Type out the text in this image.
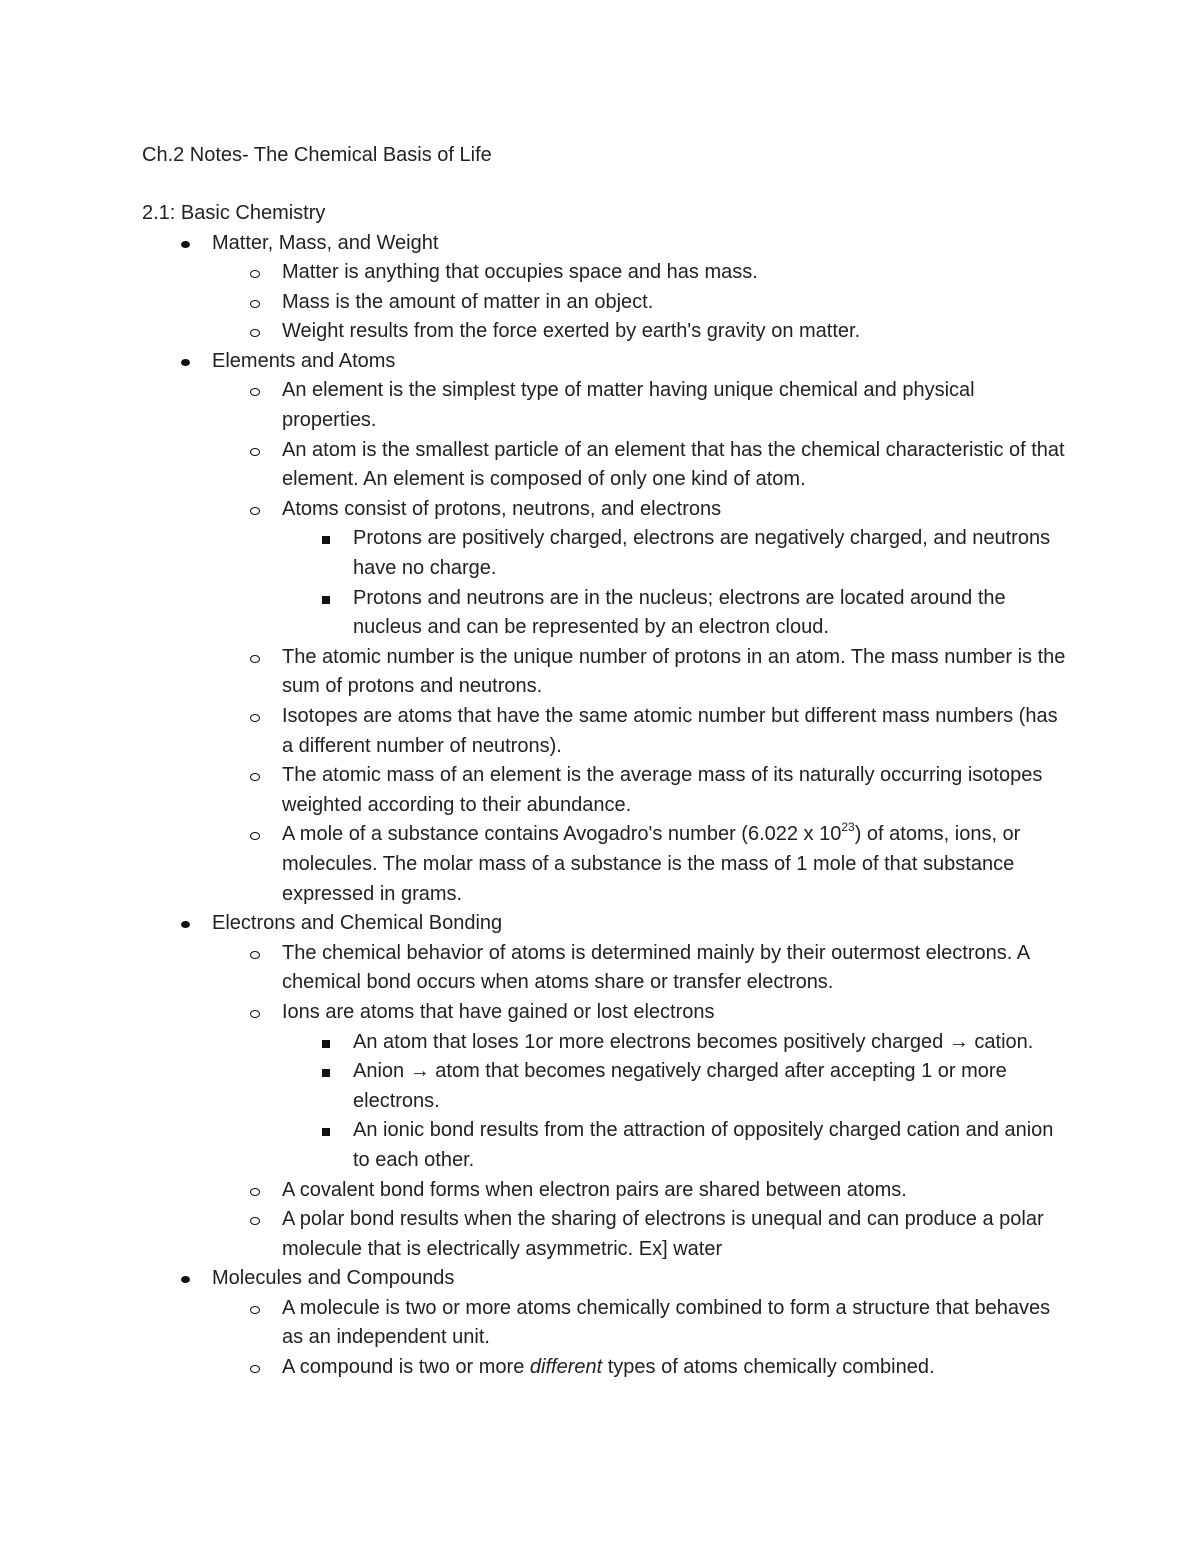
Ch.2 Notes- The Chemical Basis of Life
2.1: Basic Chemistry
Matter, Mass, and Weight
Matter is anything that occupies space and has mass.
Mass is the amount of matter in an object.
Weight results from the force exerted by earth's gravity on matter.
Elements and Atoms
An element is the simplest type of matter having unique chemical and physical properties.
An atom is the smallest particle of an element that has the chemical characteristic of that element. An element is composed of only one kind of atom.
Atoms consist of protons, neutrons, and electrons
Protons are positively charged, electrons are negatively charged, and neutrons have no charge.
Protons and neutrons are in the nucleus; electrons are located around the nucleus and can be represented by an electron cloud.
The atomic number is the unique number of protons in an atom. The mass number is the sum of protons and neutrons.
Isotopes are atoms that have the same atomic number but different mass numbers (has a different number of neutrons).
The atomic mass of an element is the average mass of its naturally occurring isotopes weighted according to their abundance.
A mole of a substance contains Avogadro's number (6.022 x $10^{23}$) of atoms, ions, or molecules. The molar mass of a substance is the mass of 1 mole of that substance expressed in grams.
Electrons and Chemical Bonding
The chemical behavior of atoms is determined mainly by their outermost electrons. A chemical bond occurs when atoms share or transfer electrons.
Ions are atoms that have gained or lost electrons
An atom that loses 1or more electrons becomes positively charged → cation.
Anion → atom that becomes negatively charged after accepting 1 or more electrons.
An ionic bond results from the attraction of oppositely charged cation and anion to each other.
A covalent bond forms when electron pairs are shared between atoms.
A polar bond results when the sharing of electrons is unequal and can produce a polar molecule that is electrically asymmetric. Ex] water
Molecules and Compounds
A molecule is two or more atoms chemically combined to form a structure that behaves as an independent unit.
A compound is two or more different types of atoms chemically combined.
